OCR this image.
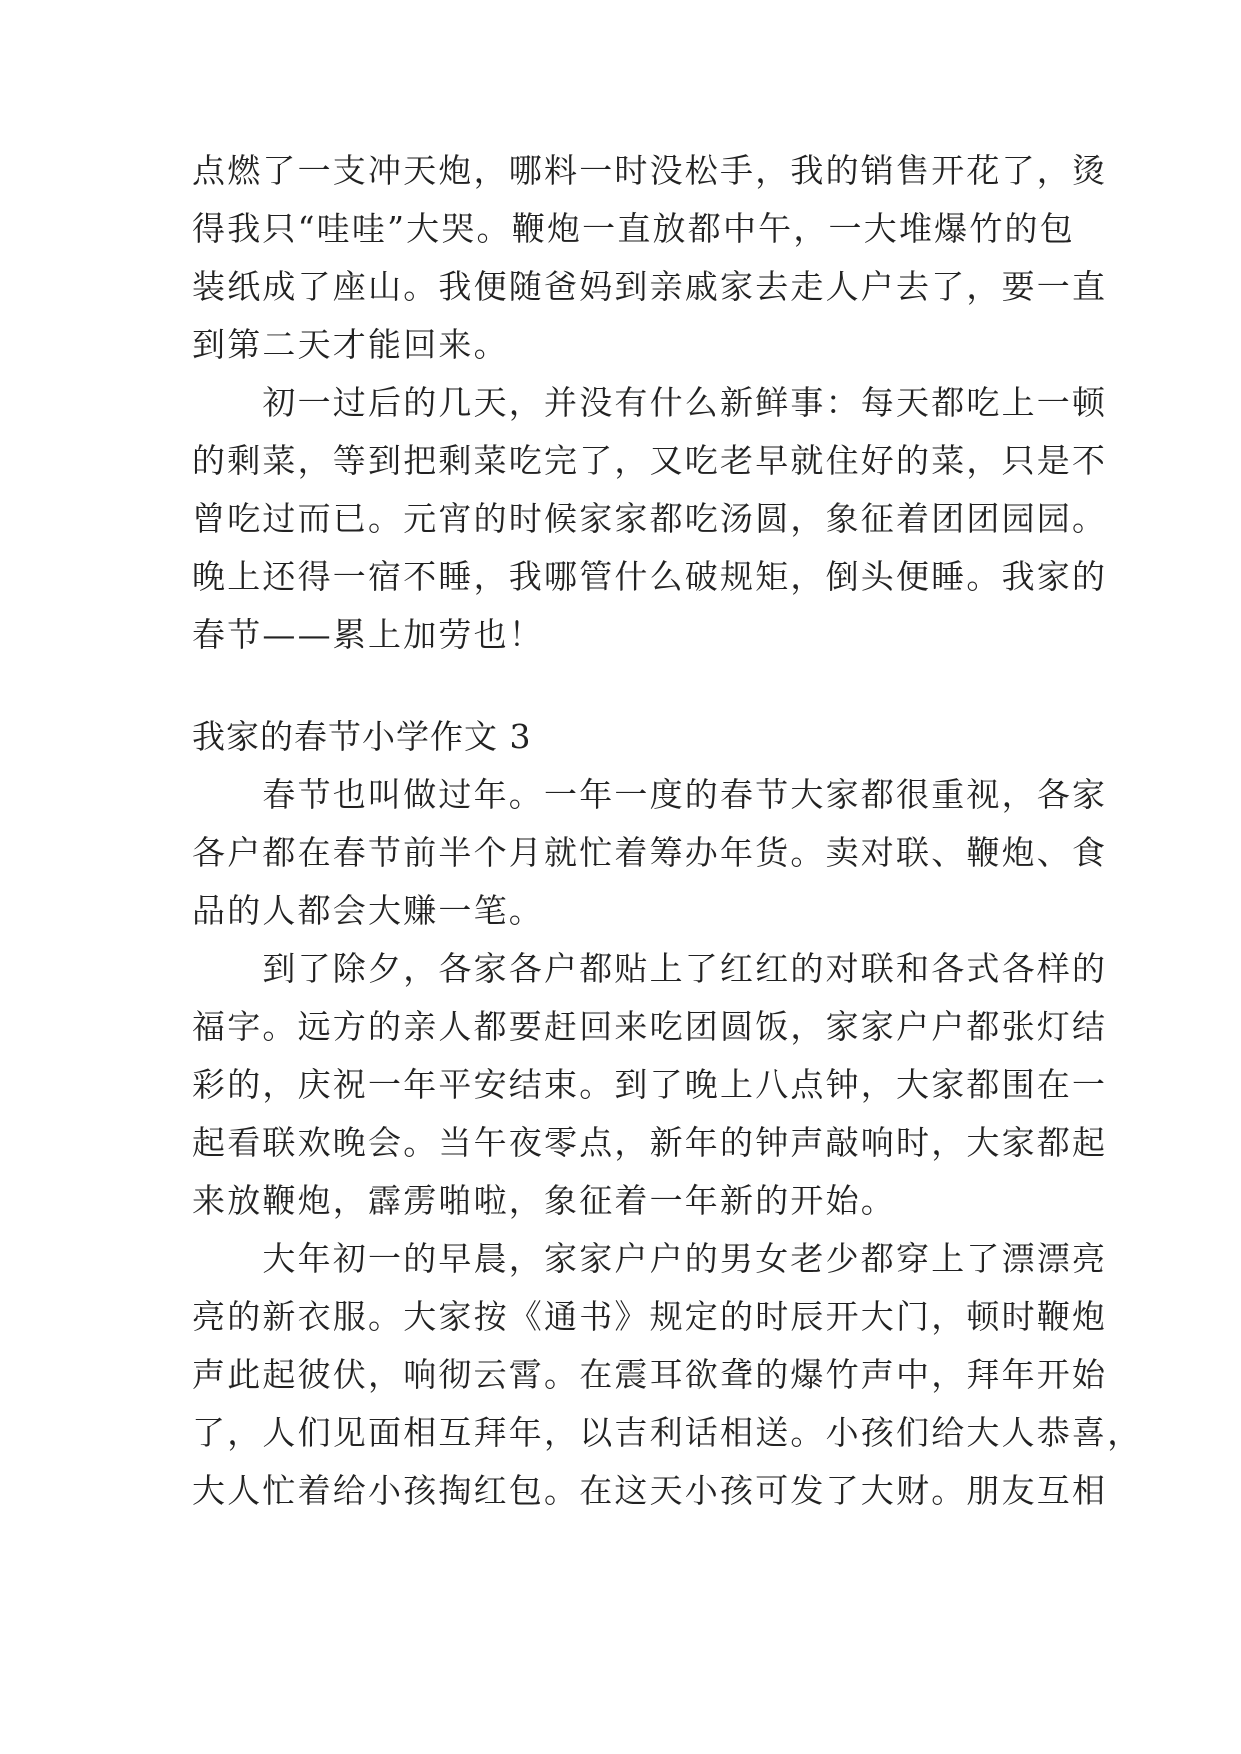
点燃了一支冲天炮，哪料一时没松手，我的销售开花了，烫
得我只“哇哇”大哭。鞭炮一直放都中午，一大堆爆竹的包
装纸成了座山。我便随爸妈到亲戚家去走人户去了，要一直
到第二天才能回来。
　　初一过后的几天，并没有什么新鲜事：每天都吃上一顿
的剩菜，等到把剩菜吃完了，又吃老早就住好的菜，只是不
曾吃过而已。元宵的时候家家都吃汤圆，象征着团团园园。
晚上还得一宿不睡，我哪管什么破规矩，倒头便睡。我家的
春节——累上加劳也！
我家的春节小学作文 3
　　春节也叫做过年。一年一度的春节大家都很重视，各家
各户都在春节前半个月就忙着筹办年货。卖对联、鞭炮、食
品的人都会大赚一笔。
　　到了除夕，各家各户都贴上了红红的对联和各式各样的
福字。远方的亲人都要赶回来吃团圆饭，家家户户都张灯结
彩的，庆祝一年平安结束。到了晚上八点钟，大家都围在一
起看联欢晚会。当午夜零点，新年的钟声敲响时，大家都起
来放鞭炮，霹雳啪啦，象征着一年新的开始。
　　大年初一的早晨，家家户户的男女老少都穿上了漂漂亮
亮的新衣服。大家按《通书》规定的时辰开大门，顿时鞭炮
声此起彼伏，响彻云霄。在震耳欲聋的爆竹声中，拜年开始
了，人们见面相互拜年，以吉利话相送。小孩们给大人恭喜，
大人忙着给小孩掏红包。在这天小孩可发了大财。朋友互相
